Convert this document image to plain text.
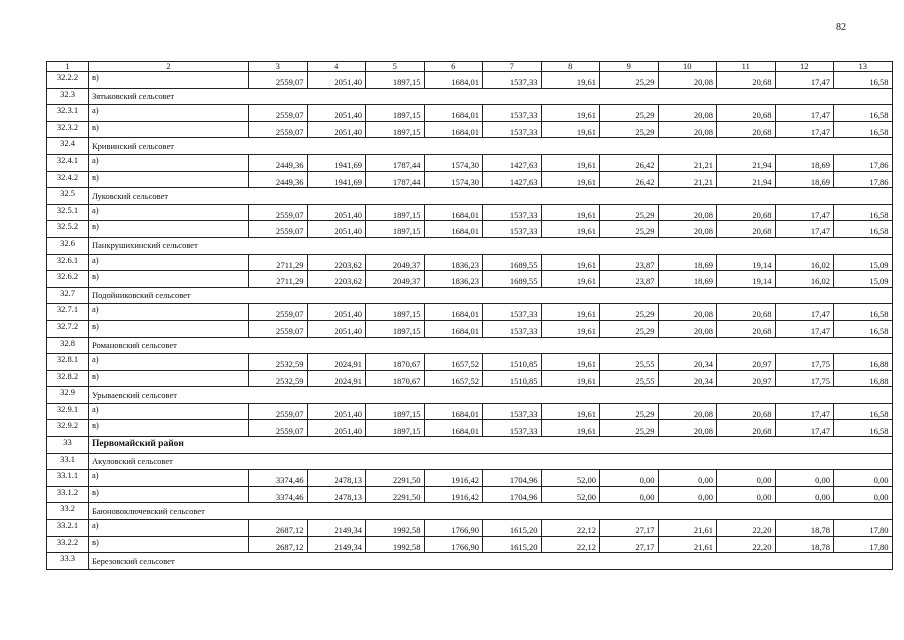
82
1	2	3	4	5	6	7	8	9	10	11	12	13
32.2.2	в)	2559,07	2051,40	1897,15	1684,01	1537,33	19,61	25,29	20,08	20,68	17,47	16,58
32.3	Зятьковский сельсовет											
32.3.1	а)	2559,07	2051,40	1897,15	1684,01	1537,33	19,61	25,29	20,08	20,68	17,47	16,58
32.3.2	в)	2559,07	2051,40	1897,15	1684,01	1537,33	19,61	25,29	20,08	20,68	17,47	16,58
32.4	Кривинский сельсовет											
32.4.1	а)	2449,36	1941,69	1787,44	1574,30	1427,63	19,61	26,42	21,21	21,94	18,69	17,86
32.4.2	в)	2449,36	1941,69	1787,44	1574,30	1427,63	19,61	26,42	21,21	21,94	18,69	17,86
32.5	Луковский сельсовет											
32.5.1	а)	2559,07	2051,40	1897,15	1684,01	1537,33	19,61	25,29	20,08	20,68	17,47	16,58
32.5.2	в)	2559,07	2051,40	1897,15	1684,01	1537,33	19,61	25,29	20,08	20,68	17,47	16,58
32.6	Панкрушихинский сельсовет											
32.6.1	а)	2711,29	2203,62	2049,37	1836,23	1689,55	19,61	23,87	18,69	19,14	16,02	15,09
32.6.2	в)	2711,29	2203,62	2049,37	1836,23	1689,55	19,61	23,87	18,69	19,14	16,02	15,09
32.7	Подойниковский сельсовет											
32.7.1	а)	2559,07	2051,40	1897,15	1684,01	1537,33	19,61	25,29	20,08	20,68	17,47	16,58
32.7.2	в)	2559,07	2051,40	1897,15	1684,01	1537,33	19,61	25,29	20,08	20,68	17,47	16,58
32.8	Романовский сельсовет											
32.8.1	а)	2532,59	2024,91	1870,67	1657,52	1510,85	19,61	25,55	20,34	20,97	17,75	16,88
32.8.2	в)	2532,59	2024,91	1870,67	1657,52	1510,85	19,61	25,55	20,34	20,97	17,75	16,88
32.9	Урываевский сельсовет											
32.9.1	а)	2559,07	2051,40	1897,15	1684,01	1537,33	19,61	25,29	20,08	20,68	17,47	16,58
32.9.2	в)	2559,07	2051,40	1897,15	1684,01	1537,33	19,61	25,29	20,08	20,68	17,47	16,58
33	Первомайский район											
33.1	Акуловский сельсовет											
33.1.1	а)	3374,46	2478,13	2291,50	1916,42	1704,96	52,00	0,00	0,00	0,00	0,00	0,00
33.1.2	в)	3374,46	2478,13	2291,50	1916,42	1704,96	52,00	0,00	0,00	0,00	0,00	0,00
33.2	Баюновоключевский сельсовет											
33.2.1	а)	2687,12	2149,34	1992,58	1766,90	1615,20	22,12	27,17	21,61	22,20	18,78	17,80
33.2.2	в)	2687,12	2149,34	1992,58	1766,90	1615,20	22,12	27,17	21,61	22,20	18,78	17,80
33.3	Березовский сельсовет											
